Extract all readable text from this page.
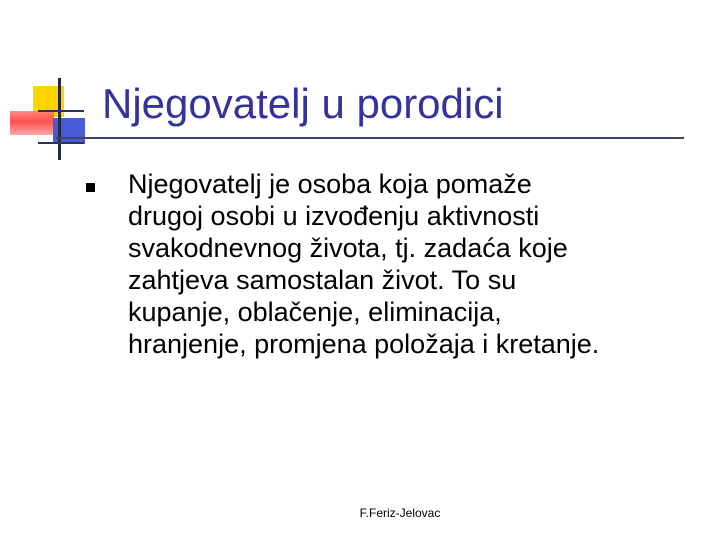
Njegovatelj u porodici
Njegovatelj je osoba koja pomaže
drugoj osobi u izvođenju aktivnosti
svakodnevnog života, tj. zadaća koje
zahtjeva samostalan život. To su
kupanje, oblačenje, eliminacija,
hranjenje, promjena položaja i kretanje.
F.Feriz-Jelovac
